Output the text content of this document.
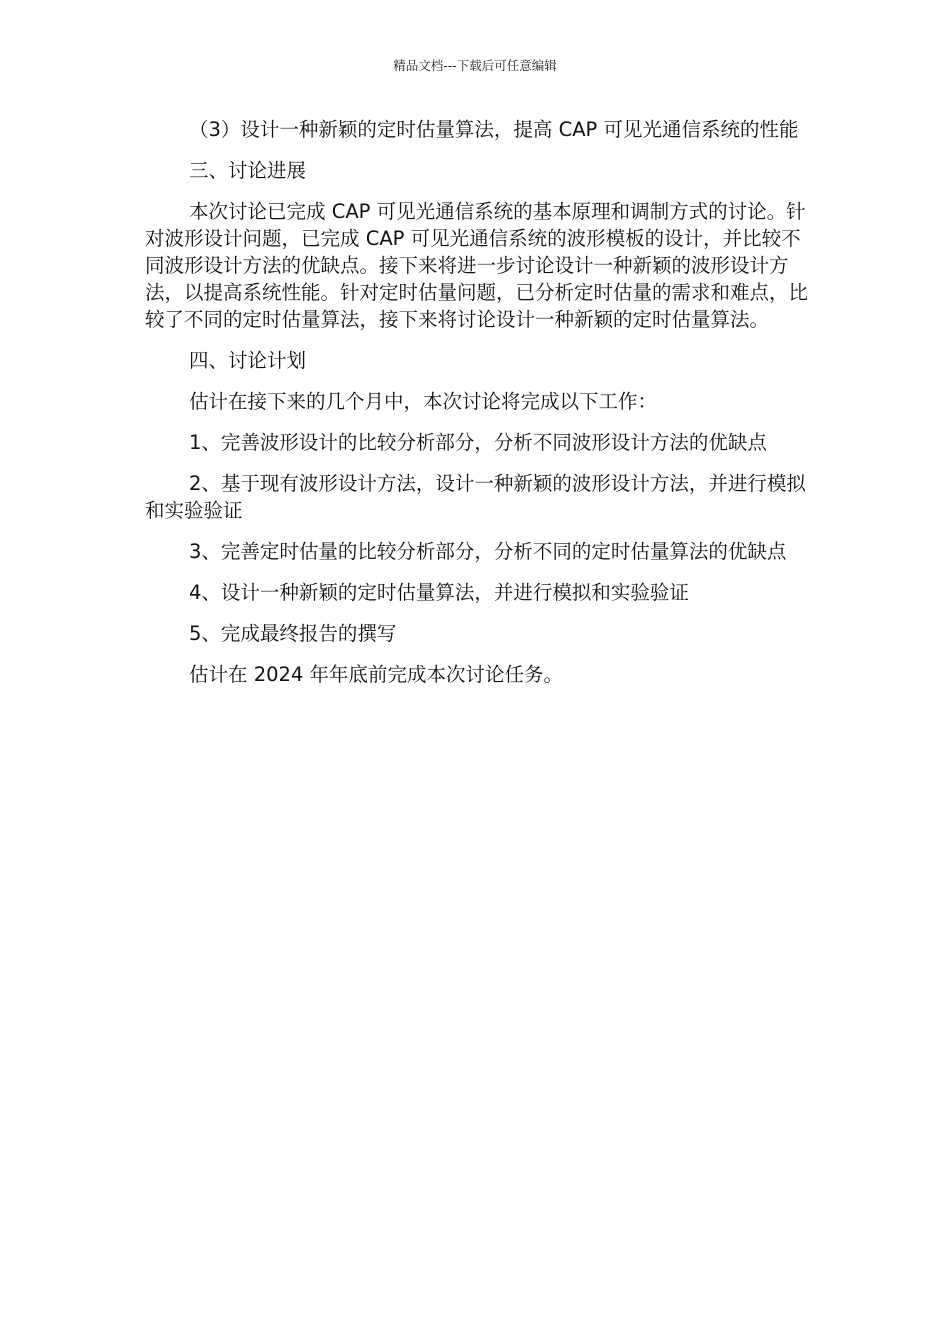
精品文档---下载后可任意编辑

（3）设计一种新颖的定时估量算法，提高 CAP 可见光通信系统的性能

三、讨论进展

本次讨论已完成 CAP 可见光通信系统的基本原理和调制方式的讨论。针对波形设计问题，已完成 CAP 可见光通信系统的波形模板的设计，并比较不同波形设计方法的优缺点。接下来将进一步讨论设计一种新颖的波形设计方法，以提高系统性能。针对定时估量问题，已分析定时估量的需求和难点，比较了不同的定时估量算法，接下来将讨论设计一种新颖的定时估量算法。

四、讨论计划

估计在接下来的几个月中，本次讨论将完成以下工作：

1、完善波形设计的比较分析部分，分析不同波形设计方法的优缺点

2、基于现有波形设计方法，设计一种新颖的波形设计方法，并进行模拟和实验验证

3、完善定时估量的比较分析部分，分析不同的定时估量算法的优缺点

4、设计一种新颖的定时估量算法，并进行模拟和实验验证

5、完成最终报告的撰写

估计在 2024 年年底前完成本次讨论任务。
